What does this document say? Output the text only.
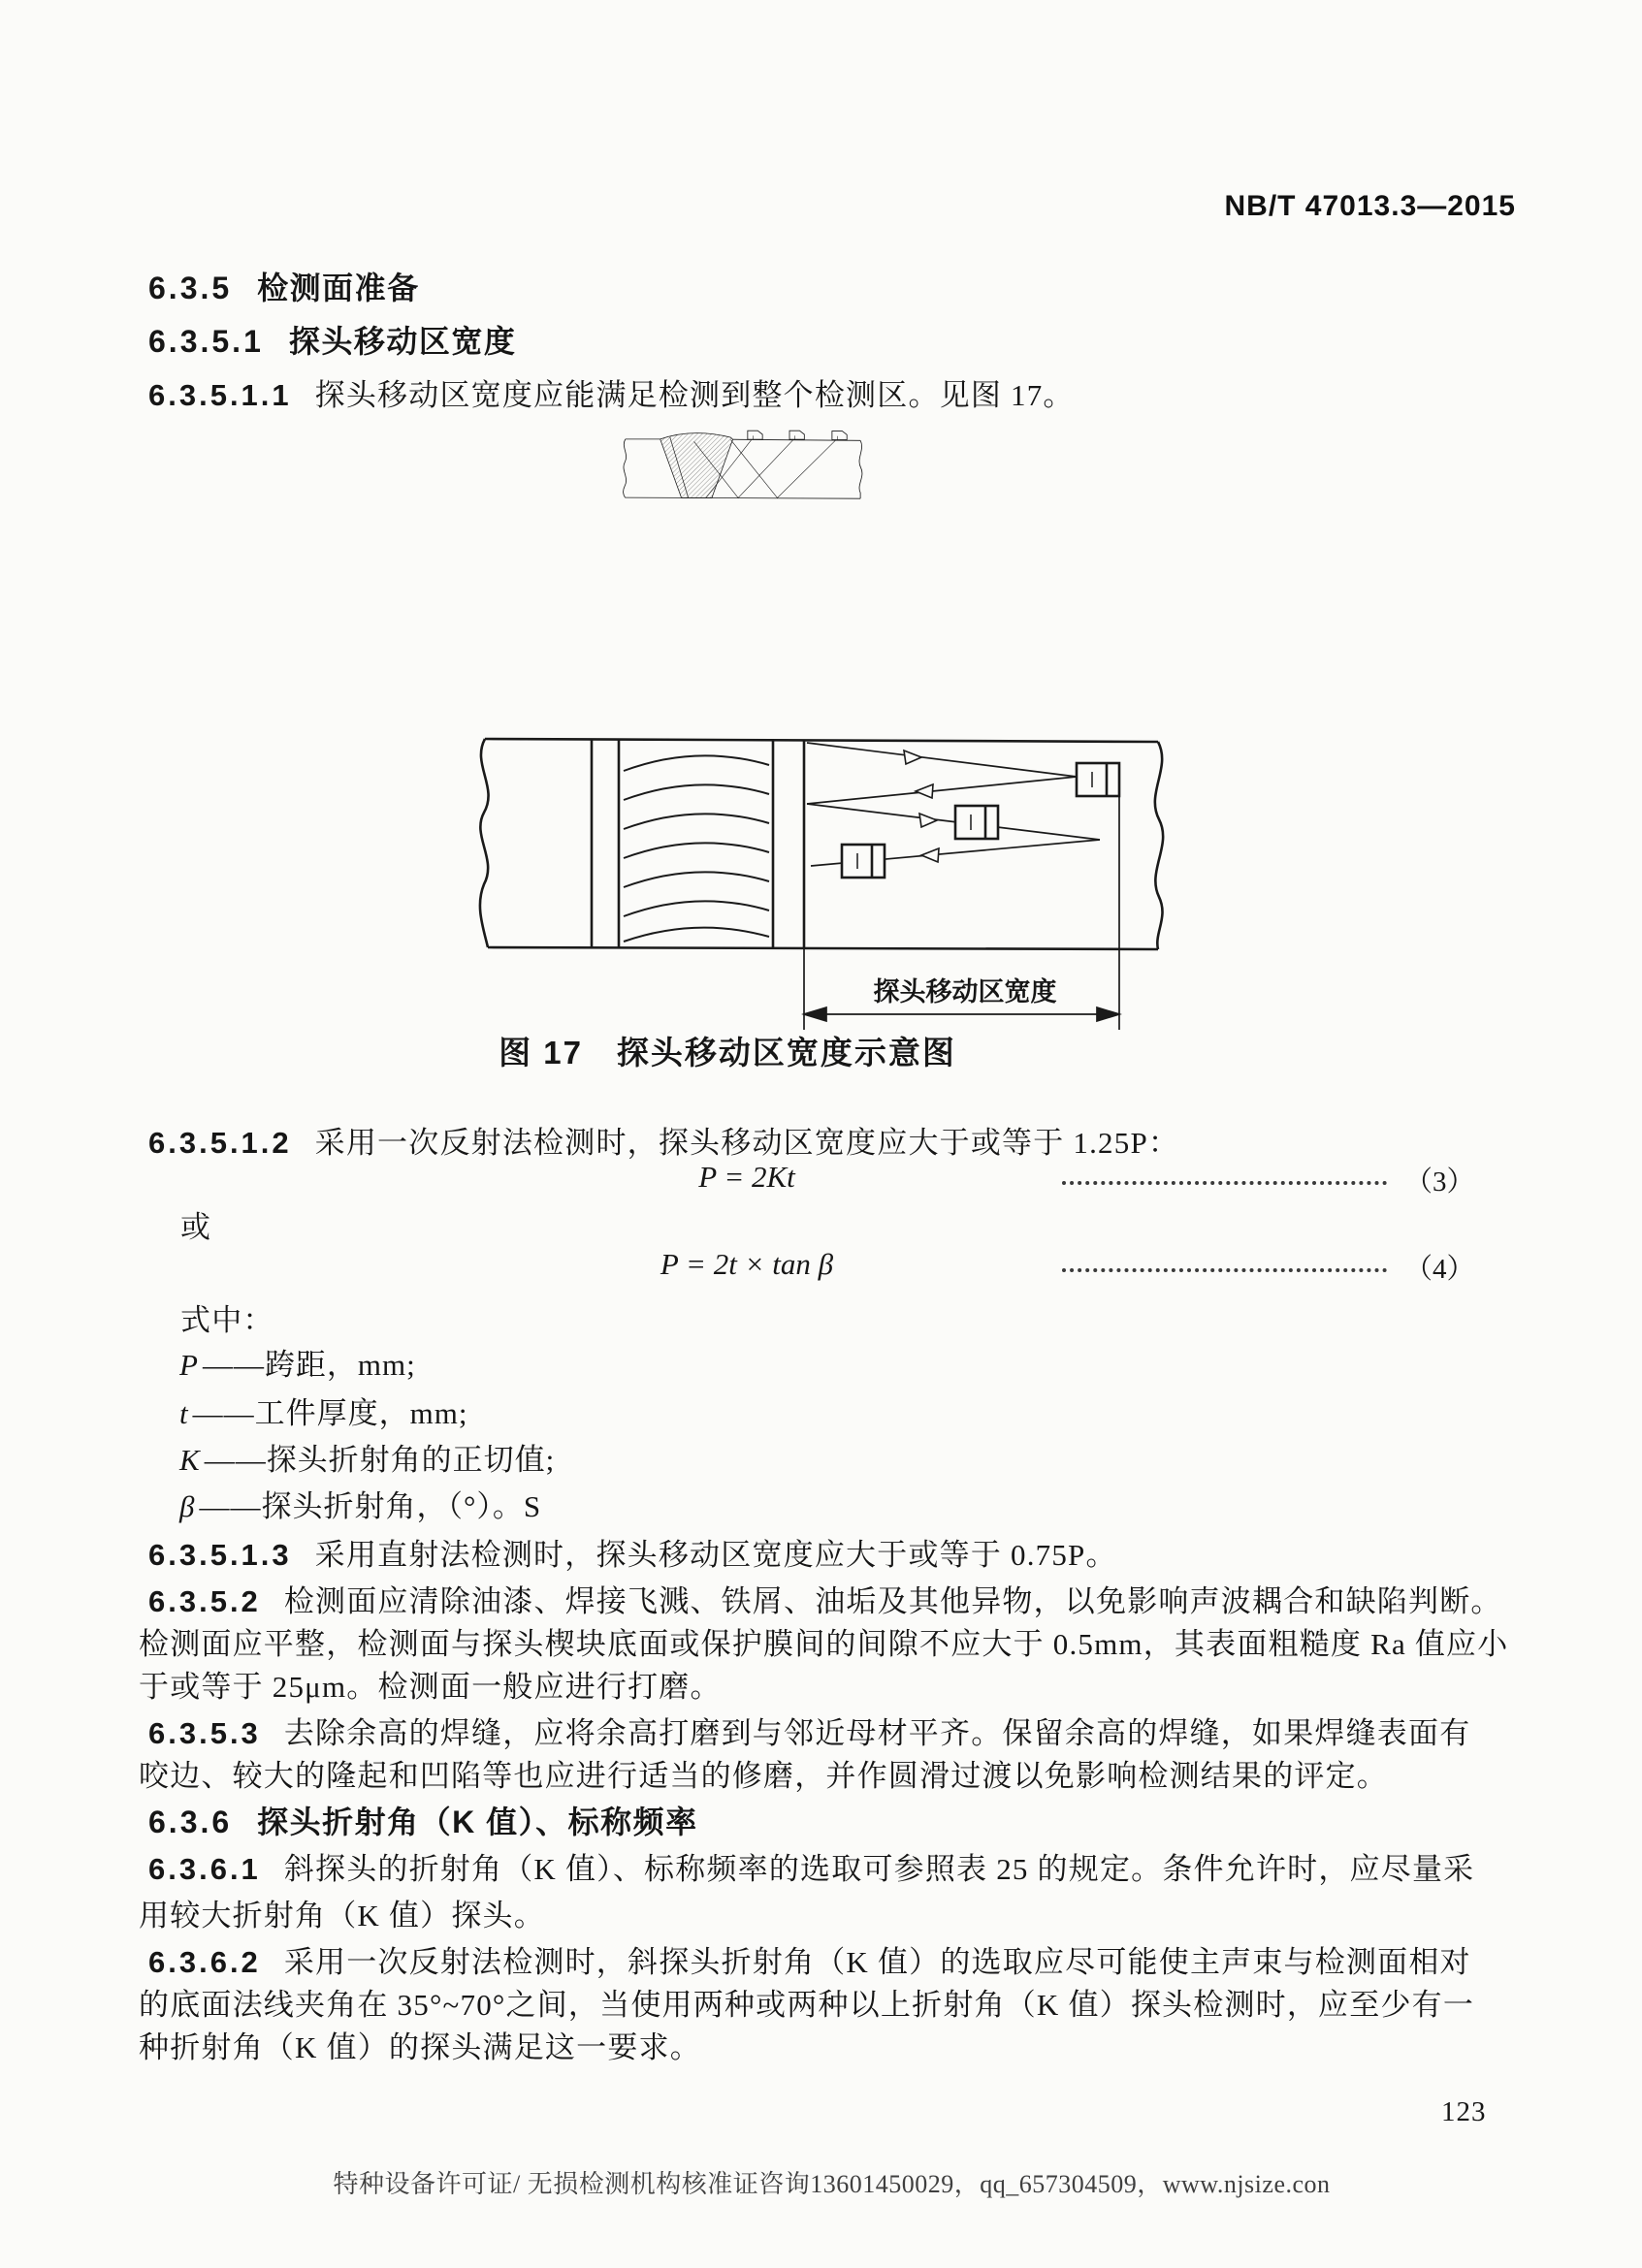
NB/T 47013.3—2015
6.3.5 检测面准备
6.3.5.1 探头移动区宽度
6.3.5.1.1 探头移动区宽度应能满足检测到整个检测区。见图 17。
探头移动区宽度
图 17　探头移动区宽度示意图
6.3.5.1.2 采用一次反射法检测时，探头移动区宽度应大于或等于 1.25P：
P = 2Kt	（3）
或
P = 2t × tan β	（4）
式中：
P ——跨距，mm;
t ——工件厚度，mm;
K ——探头折射角的正切值;
β ——探头折射角，（°）。S
6.3.5.1.3 采用直射法检测时，探头移动区宽度应大于或等于 0.75P。
6.3.5.2 检测面应清除油漆、焊接飞溅、铁屑、油垢及其他异物，以免影响声波耦合和缺陷判断。
检测面应平整，检测面与探头楔块底面或保护膜间的间隙不应大于 0.5mm，其表面粗糙度 Ra 值应小
于或等于 25μm。检测面一般应进行打磨。
6.3.5.3 去除余高的焊缝，应将余高打磨到与邻近母材平齐。保留余高的焊缝，如果焊缝表面有
咬边、较大的隆起和凹陷等也应进行适当的修磨，并作圆滑过渡以免影响检测结果的评定。
6.3.6 探头折射角（K 值）、标称频率
6.3.6.1 斜探头的折射角（K 值）、标称频率的选取可参照表 25 的规定。条件允许时，应尽量采
用较大折射角（K 值）探头。
6.3.6.2 采用一次反射法检测时，斜探头折射角（K 值）的选取应尽可能使主声束与检测面相对
的底面法线夹角在 35°~70°之间，当使用两种或两种以上折射角（K 值）探头检测时，应至少有一
种折射角（K 值）的探头满足这一要求。
123
特种设备许可证/ 无损检测机构核准证咨询13601450029，qq_657304509，www.njsize.con
